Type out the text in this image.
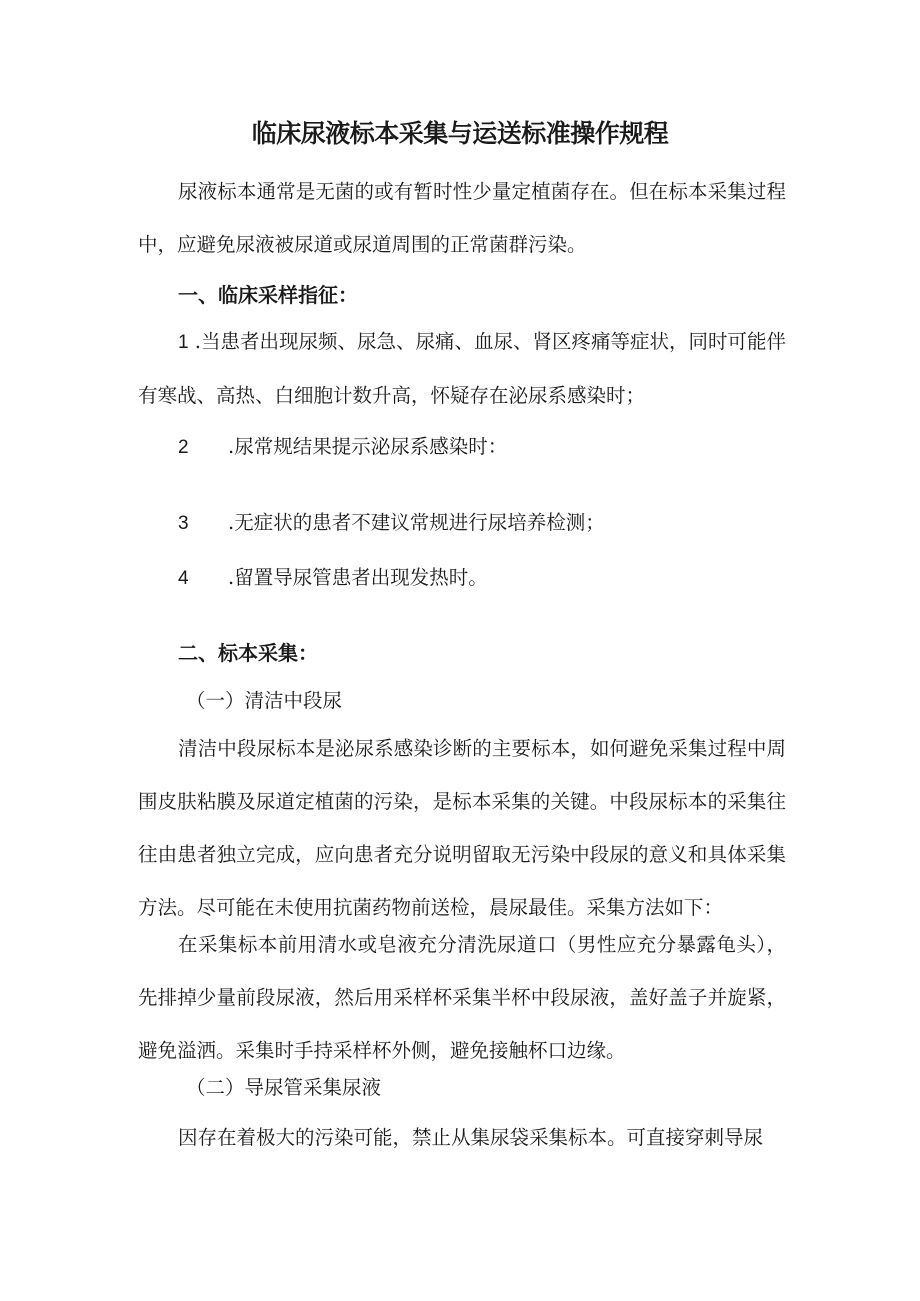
临床尿液标本采集与运送标准操作规程

尿液标本通常是无菌的或有暂时性少量定植菌存在。但在标本采集过程中，应避免尿液被尿道或尿道周围的正常菌群污染。

一、临床采样指征：

1 .当患者出现尿频、尿急、尿痛、血尿、肾区疼痛等症状，同时可能伴有寒战、高热、白细胞计数升高，怀疑存在泌尿系感染时；

2 .尿常规结果提示泌尿系感染时：

3 .无症状的患者不建议常规进行尿培养检测；

4 .留置导尿管患者出现发热时。

二、标本采集：

（一）清洁中段尿

清洁中段尿标本是泌尿系感染诊断的主要标本，如何避免采集过程中周围皮肤粘膜及尿道定植菌的污染，是标本采集的关键。中段尿标本的采集往往由患者独立完成，应向患者充分说明留取无污染中段尿的意义和具体采集方法。尽可能在未使用抗菌药物前送检，晨尿最佳。采集方法如下：

在采集标本前用清水或皂液充分清洗尿道口（男性应充分暴露龟头），先排掉少量前段尿液，然后用采样杯采集半杯中段尿液，盖好盖子并旋紧，避免溢洒。采集时手持采样杯外侧，避免接触杯口边缘。

（二）导尿管采集尿液

因存在着极大的污染可能，禁止从集尿袋采集标本。可直接穿刺导尿
